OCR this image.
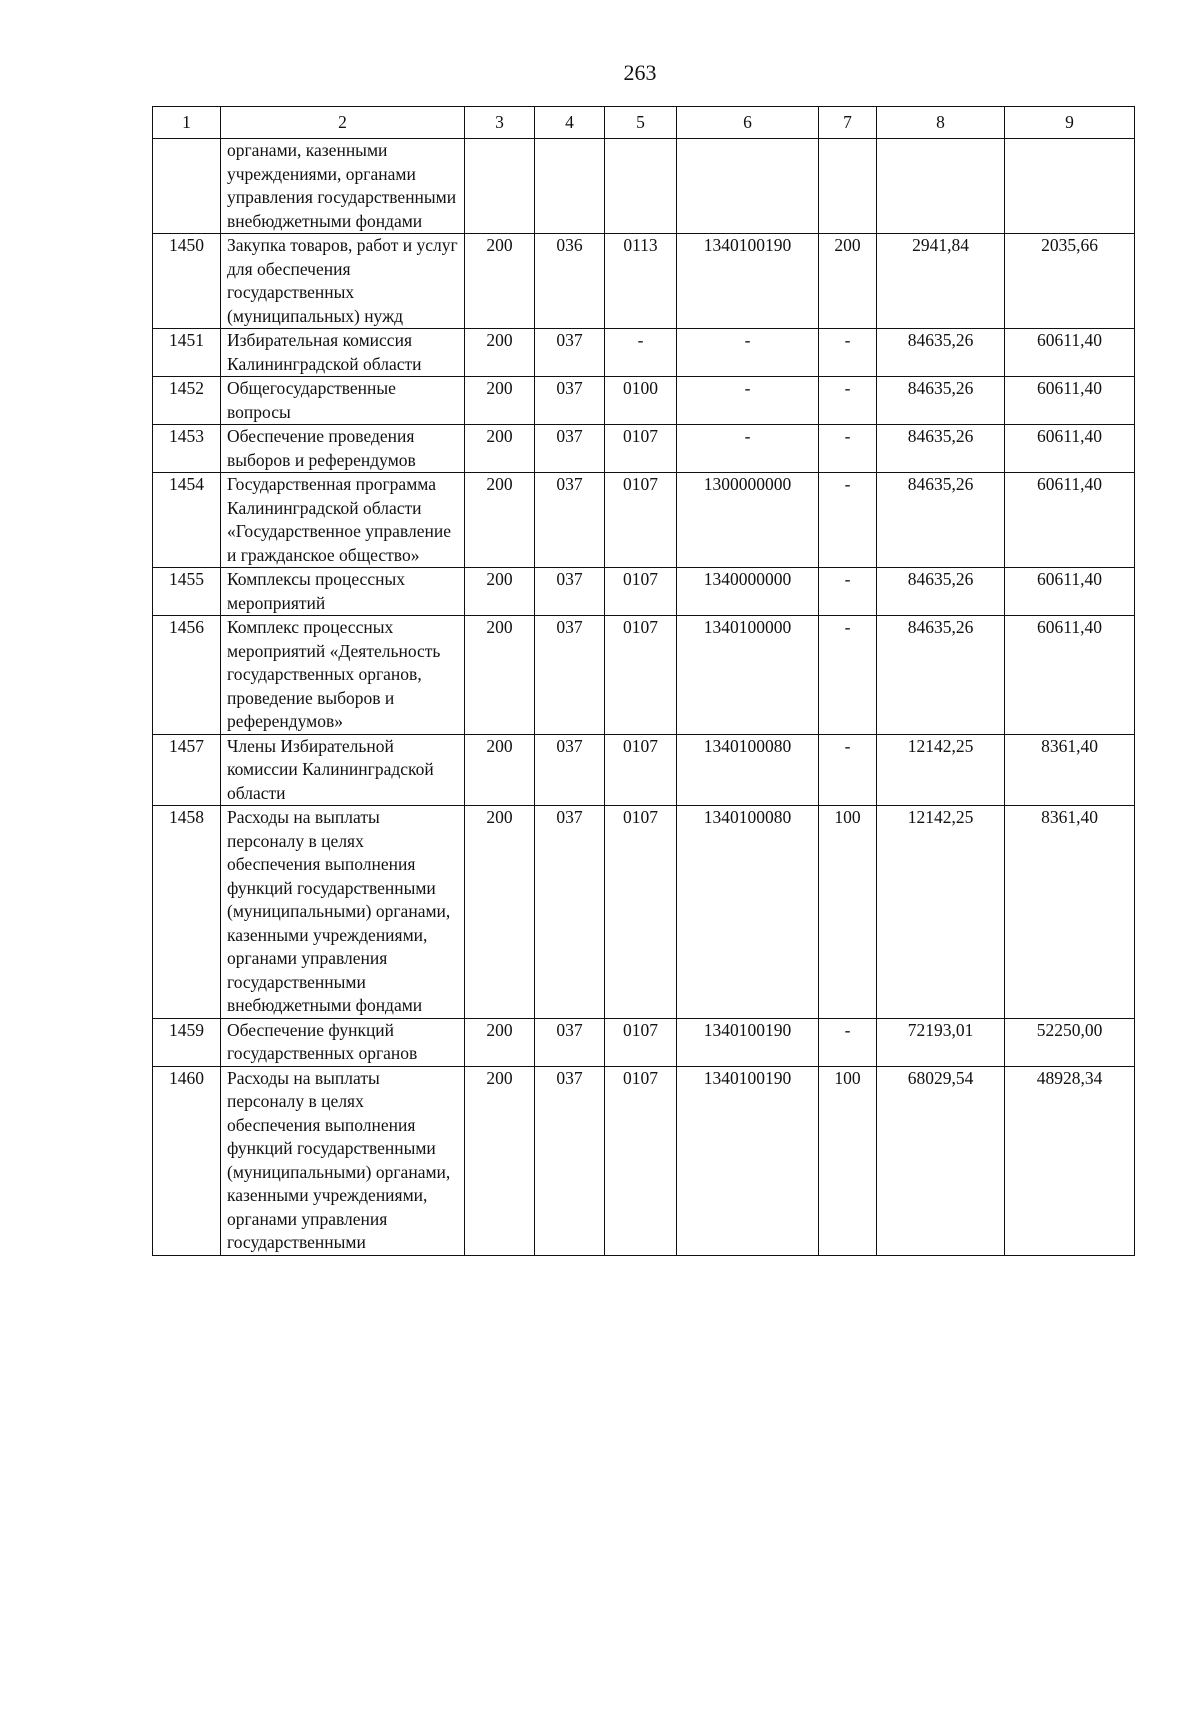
263
1	2	3	4	5	6	7	8	9
	органами, казенными учреждениями, органами управления государственными внебюджетными фондами							
1450	Закупка товаров, работ и услуг для обеспечения государственных (муниципальных) нужд	200	036	0113	1340100190	200	2941,84	2035,66
1451	Избирательная комиссия Калининградской области	200	037	-	-	-	84635,26	60611,40
1452	Общегосударственные вопросы	200	037	0100	-	-	84635,26	60611,40
1453	Обеспечение проведения выборов и референдумов	200	037	0107	-	-	84635,26	60611,40
1454	Государственная программа Калининградской области «Государственное управление и гражданское общество»	200	037	0107	1300000000	-	84635,26	60611,40
1455	Комплексы процессных мероприятий	200	037	0107	1340000000	-	84635,26	60611,40
1456	Комплекс процессных мероприятий «Деятельность государственных органов, проведение выборов и референдумов»	200	037	0107	1340100000	-	84635,26	60611,40
1457	Члены Избирательной комиссии Калининградской области	200	037	0107	1340100080	-	12142,25	8361,40
1458	Расходы на выплаты персоналу в целях обеспечения выполнения функций государственными (муниципальными) органами, казенными учреждениями, органами управления государственными внебюджетными фондами	200	037	0107	1340100080	100	12142,25	8361,40
1459	Обеспечение функций государственных органов	200	037	0107	1340100190	-	72193,01	52250,00
1460	Расходы на выплаты персоналу в целях обеспечения выполнения функций государственными (муниципальными) органами, казенными учреждениями, органами управления государственными	200	037	0107	1340100190	100	68029,54	48928,34
